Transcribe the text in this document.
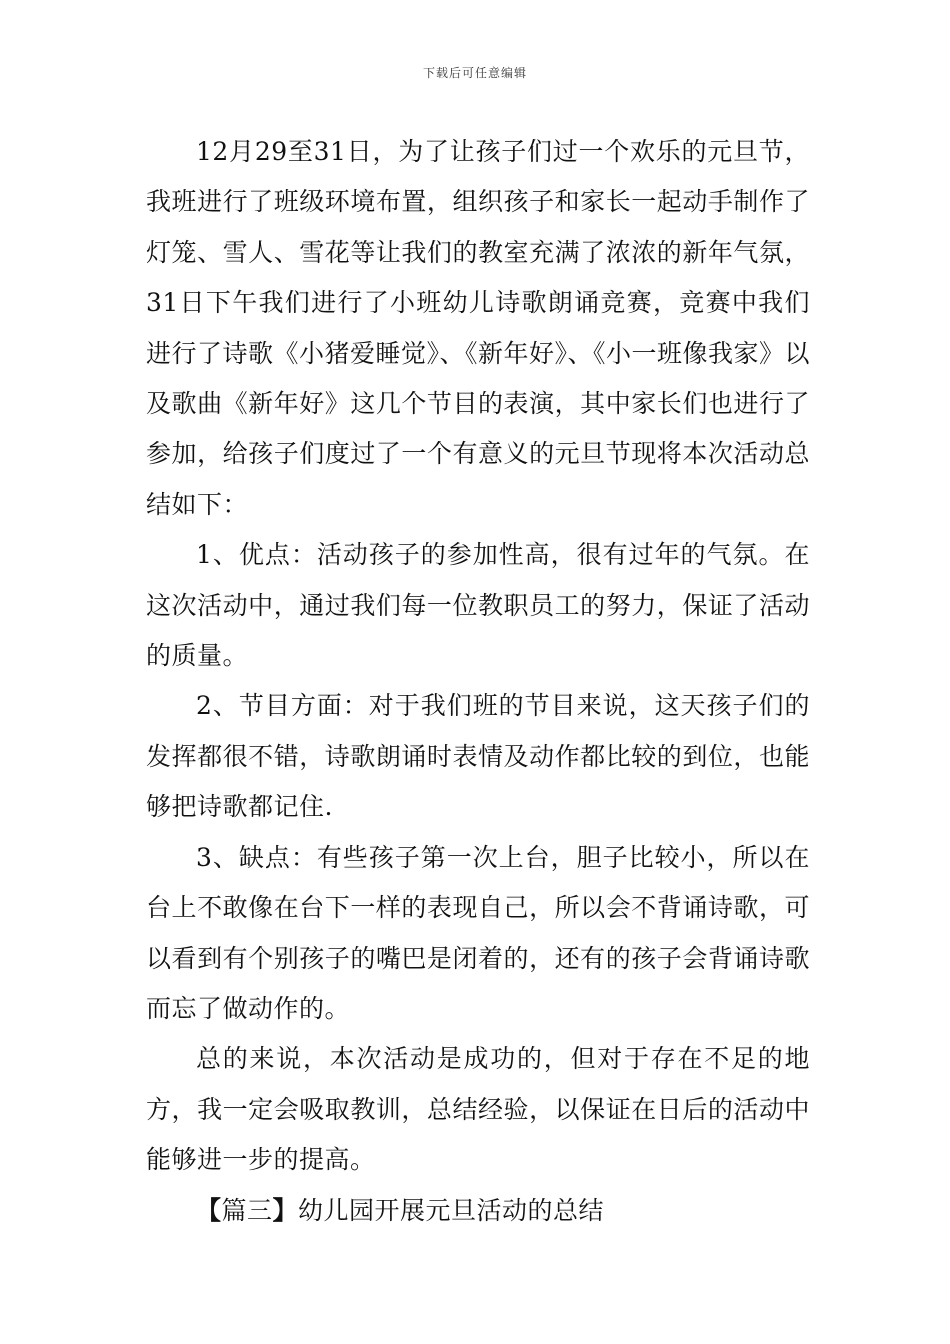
下载后可任意编辑

12月29至31日，为了让孩子们过一个欢乐的元旦节，我班进行了班级环境布置，组织孩子和家长一起动手制作了灯笼、雪人、雪花等让我们的教室充满了浓浓的新年气氛，31日下午我们进行了小班幼儿诗歌朗诵竞赛，竞赛中我们进行了诗歌《小猪爱睡觉》、《新年好》、《小一班像我家》以及歌曲《新年好》这几个节目的表演，其中家长们也进行了参加，给孩子们度过了一个有意义的元旦节现将本次活动总结如下：

1、优点：活动孩子的参加性高，很有过年的气氛。在这次活动中，通过我们每一位教职员工的努力，保证了活动的质量。

2、节目方面：对于我们班的节目来说，这天孩子们的发挥都很不错，诗歌朗诵时表情及动作都比较的到位，也能够把诗歌都记住.

3、缺点：有些孩子第一次上台，胆子比较小，所以在台上不敢像在台下一样的表现自己，所以会不背诵诗歌，可以看到有个别孩子的嘴巴是闭着的，还有的孩子会背诵诗歌而忘了做动作的。

总的来说，本次活动是成功的，但对于存在不足的地方，我一定会吸取教训，总结经验，以保证在日后的活动中能够进一步的提高。

【篇三】幼儿园开展元旦活动的总结
